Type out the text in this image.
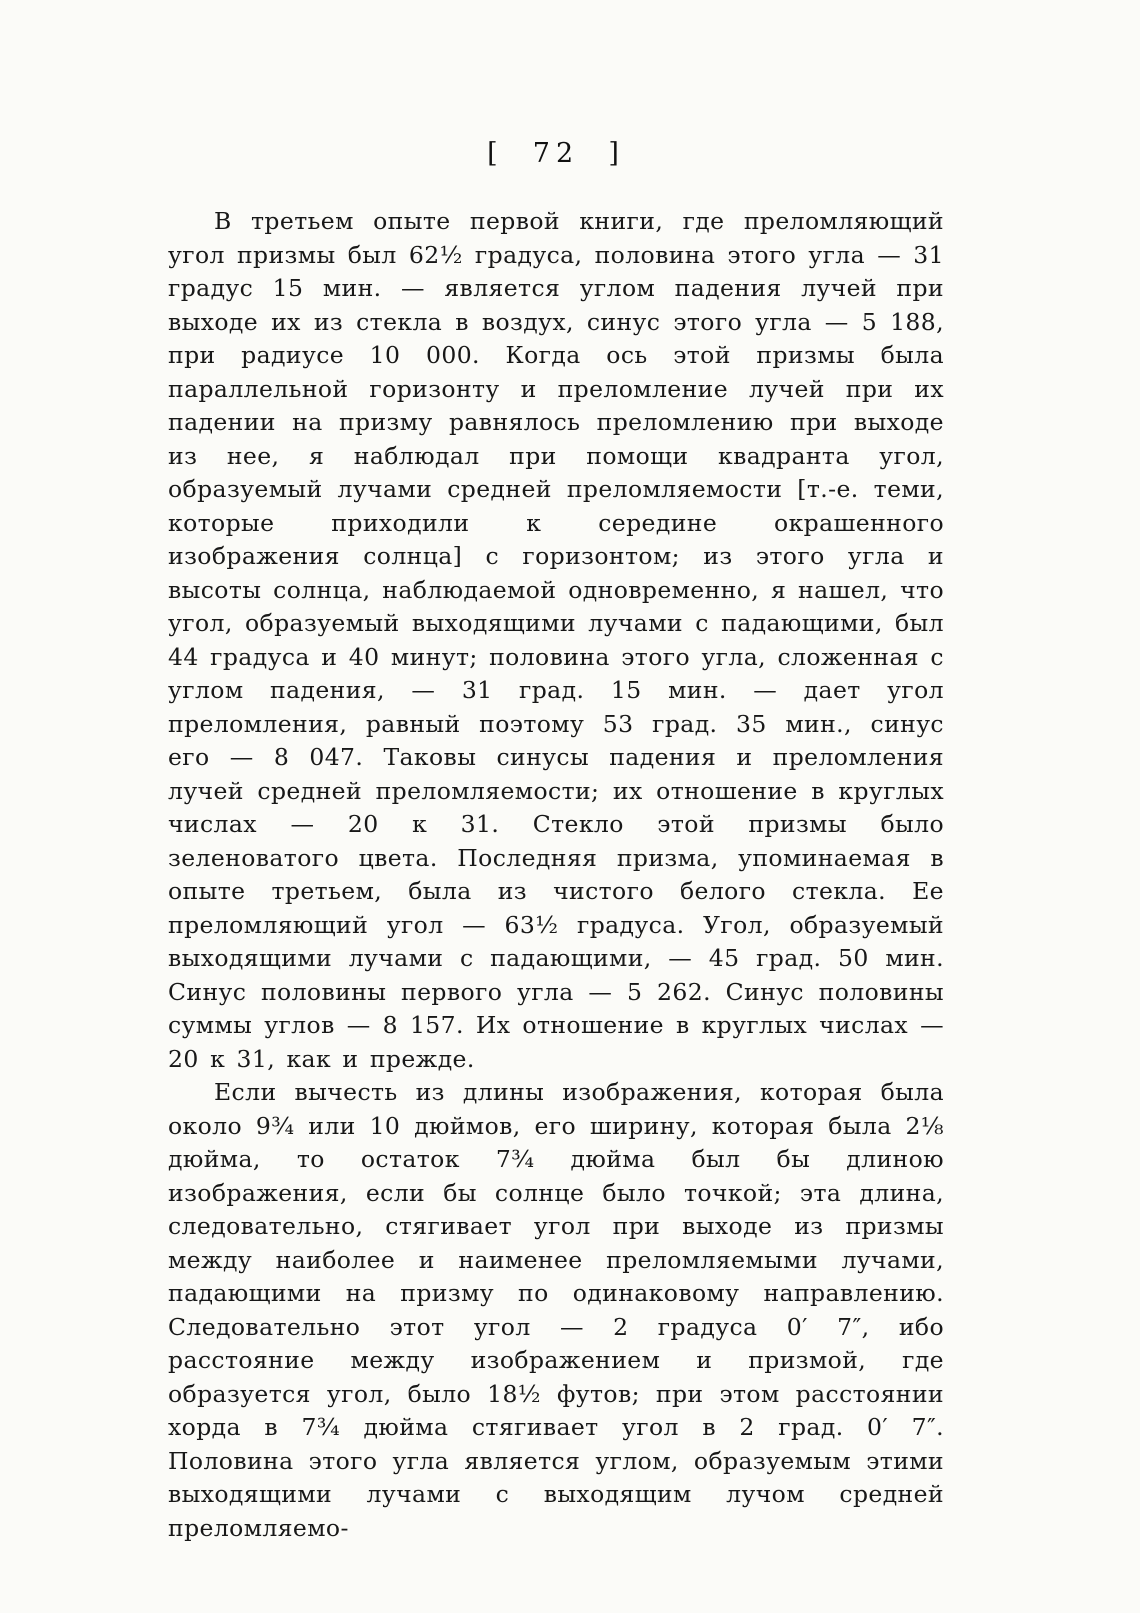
[  72  ]

В третьем опыте первой книги, где преломляющий угол призмы был 62½ градуса, половина этого угла — 31 градус 15 мин. — является углом падения лучей при выходе их из стекла в воздух, синус этого угла — 5 188, при радиусе 10 000. Когда ось этой призмы была параллельной горизонту и преломление лучей при их падении на призму равнялось преломлению при выходе из нее, я наблюдал при помощи квадранта угол, образуемый лучами средней преломляемости [т.-е. теми, которые приходили к середине окрашенного изображения солнца] с горизонтом; из этого угла и высоты солнца, наблюдаемой одновременно, я нашел, что угол, образуемый выходящими лучами с падающими, был 44 градуса и 40 минут; половина этого угла, сложенная с углом падения, — 31 град. 15 мин. — дает угол преломления, равный поэтому 53 град. 35 мин., синус его — 8 047. Таковы синусы падения и преломления лучей средней преломляемости; их отношение в круглых числах — 20 к 31. Стекло этой призмы было зеленоватого цвета. Последняя призма, упоминаемая в опыте третьем, была из чистого белого стекла. Ее преломляющий угол — 63½ градуса. Угол, образуемый выходящими лучами с падающими, — 45 град. 50 мин. Синус половины первого угла — 5 262. Синус половины суммы углов — 8 157. Их отношение в круглых числах — 20 к 31, как и прежде.

Если вычесть из длины изображения, которая была около 9¾ или 10 дюймов, его ширину, которая была 2⅛ дюйма, то остаток 7¾ дюйма был бы длиною изображения, если бы солнце было точкой; эта длина, следовательно, стягивает угол при выходе из призмы между наиболее и наименее преломляемыми лучами, падающими на призму по одинаковому направлению. Следовательно этот угол — 2 градуса 0′ 7″, ибо расстояние между изображением и призмой, где образуется угол, было 18½ футов; при этом расстоянии хорда в 7¾ дюйма стягивает угол в 2 град. 0′ 7″. Половина этого угла является углом, образуемым этими выходящими лучами с выходящим лучом средней преломляемо-
